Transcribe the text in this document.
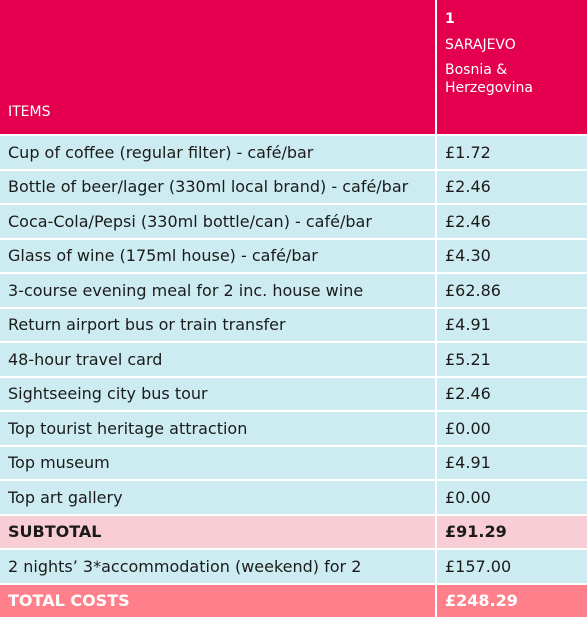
ITEMS	1
SARAJEVO
Bosnia & Herzegovina

Cup of coffee (regular filter) - café/bar	£1.72
Bottle of beer/lager (330ml local brand) - café/bar	£2.46
Coca-Cola/Pepsi (330ml bottle/can) - café/bar	£2.46
Glass of wine (175ml house) - café/bar	£4.30
3-course evening meal for 2 inc. house wine	£62.86
Return airport bus or train transfer	£4.91
48-hour travel card	£5.21
Sightseeing city bus tour	£2.46
Top tourist heritage attraction	£0.00
Top museum	£4.91
Top art gallery	£0.00
SUBTOTAL	£91.29
2 nights’ 3*accommodation (weekend) for 2	£157.00
TOTAL COSTS	£248.29
